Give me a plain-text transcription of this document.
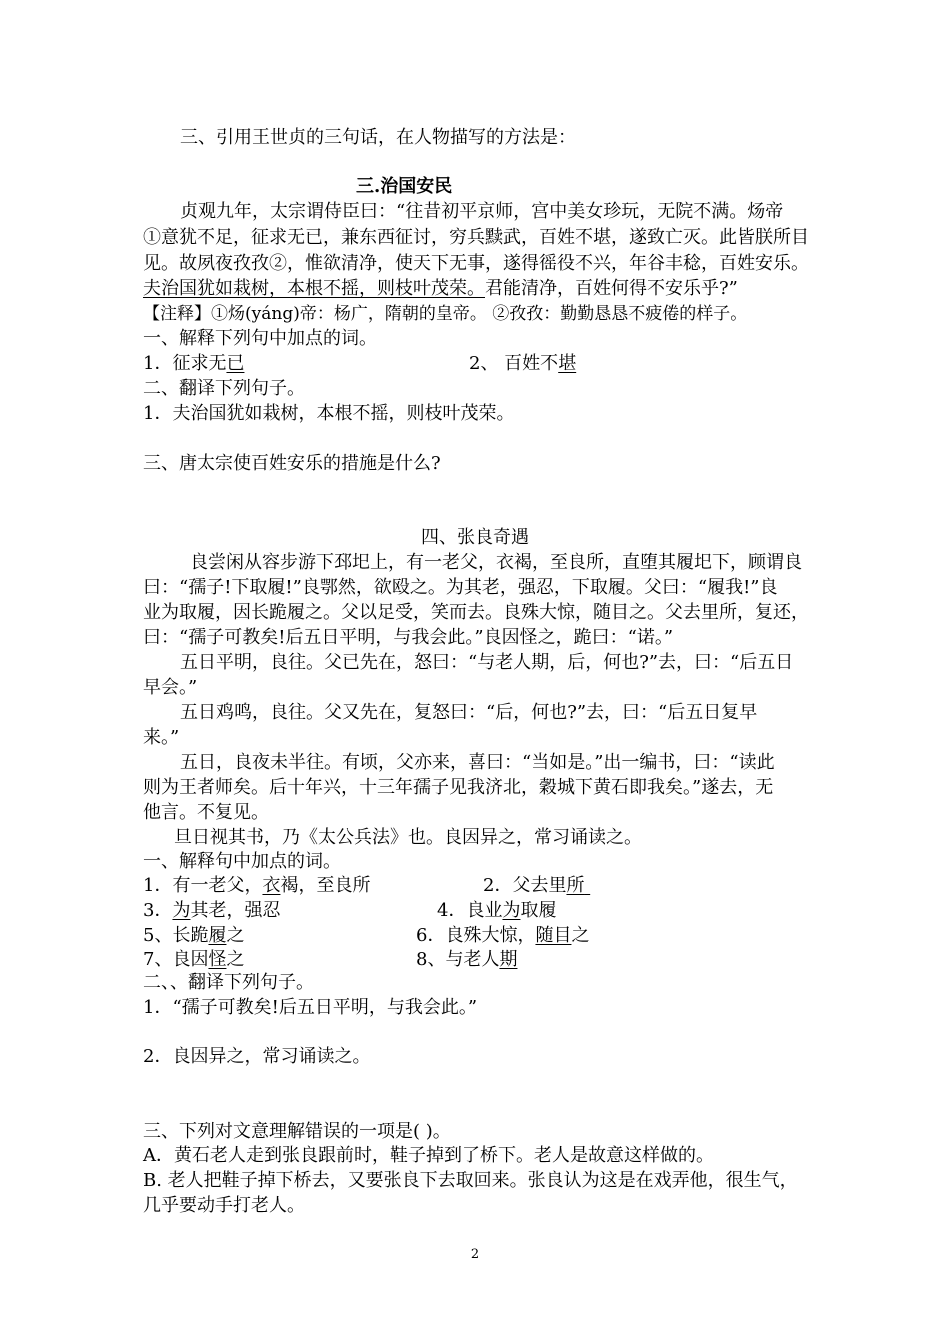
三、引用王世贞的三句话，在人物描写的方法是：
三.治国安民
贞观九年，太宗谓侍臣曰：“往昔初平京师，宫中美女珍玩，无院不满。炀帝
①意犹不足，征求无已，兼东西征讨，穷兵黩武，百姓不堪，遂致亡灭。此皆朕所目
见。故夙夜孜孜②，惟欲清净，使天下无事，遂得徭役不兴，年谷丰稔，百姓安乐。
夫治国犹如栽树，本根不摇，则枝叶茂荣。君能清净，百姓何得不安乐乎?”
【注释】①炀(yáng)帝：杨广，隋朝的皇帝。 ②孜孜：勤勤恳恳不疲倦的样子。
一、解释下列句中加点的词。
1．征求无已	2、 百姓不堪
二、翻译下列句子。
1．夫治国犹如栽树，本根不摇，则枝叶茂荣。
三、唐太宗使百姓安乐的措施是什么?
四、张良奇遇
良尝闲从容步游下邳圯上，有一老父，衣褐，至良所，直堕其履圯下，顾谓良
曰：“孺子!下取履!”良鄂然，欲殴之。为其老，强忍，下取履。父曰：“履我!”良
业为取履，因长跪履之。父以足受，笑而去。良殊大惊，随目之。父去里所，复还，
曰：“孺子可教矣!后五日平明，与我会此。”良因怪之，跪曰：“诺。”
五日平明，良往。父已先在，怒曰：“与老人期，后，何也?”去，曰：“后五日
早会。”
五日鸡鸣，良往。父又先在，复怒曰：“后，何也?”去，曰：“后五日复早
来。”
五日，良夜未半往。有顷，父亦来，喜曰：“当如是。”出一编书，曰：“读此
则为王者师矣。后十年兴，十三年孺子见我济北，穀城下黄石即我矣。”遂去，无
他言。不复见。
旦日视其书，乃《太公兵法》也。良因异之，常习诵读之。
一、解释句中加点的词。
1．有一老父，衣褐，至良所	2．父去里所
3．为其老，强忍	4．良业为取履
5、长跪履之	6．良殊大惊，随目之
7、良因怪之	8、与老人期
二、、翻译下列句子。
1．“孺子可教矣!后五日平明，与我会此。”
2．良因异之，常习诵读之。
三、下列对文意理解错误的一项是( )。
A．黄石老人走到张良跟前时，鞋子掉到了桥下。老人是故意这样做的。
B. 老人把鞋子掉下桥去，又要张良下去取回来。张良认为这是在戏弄他，很生气，
几乎要动手打老人。
2
